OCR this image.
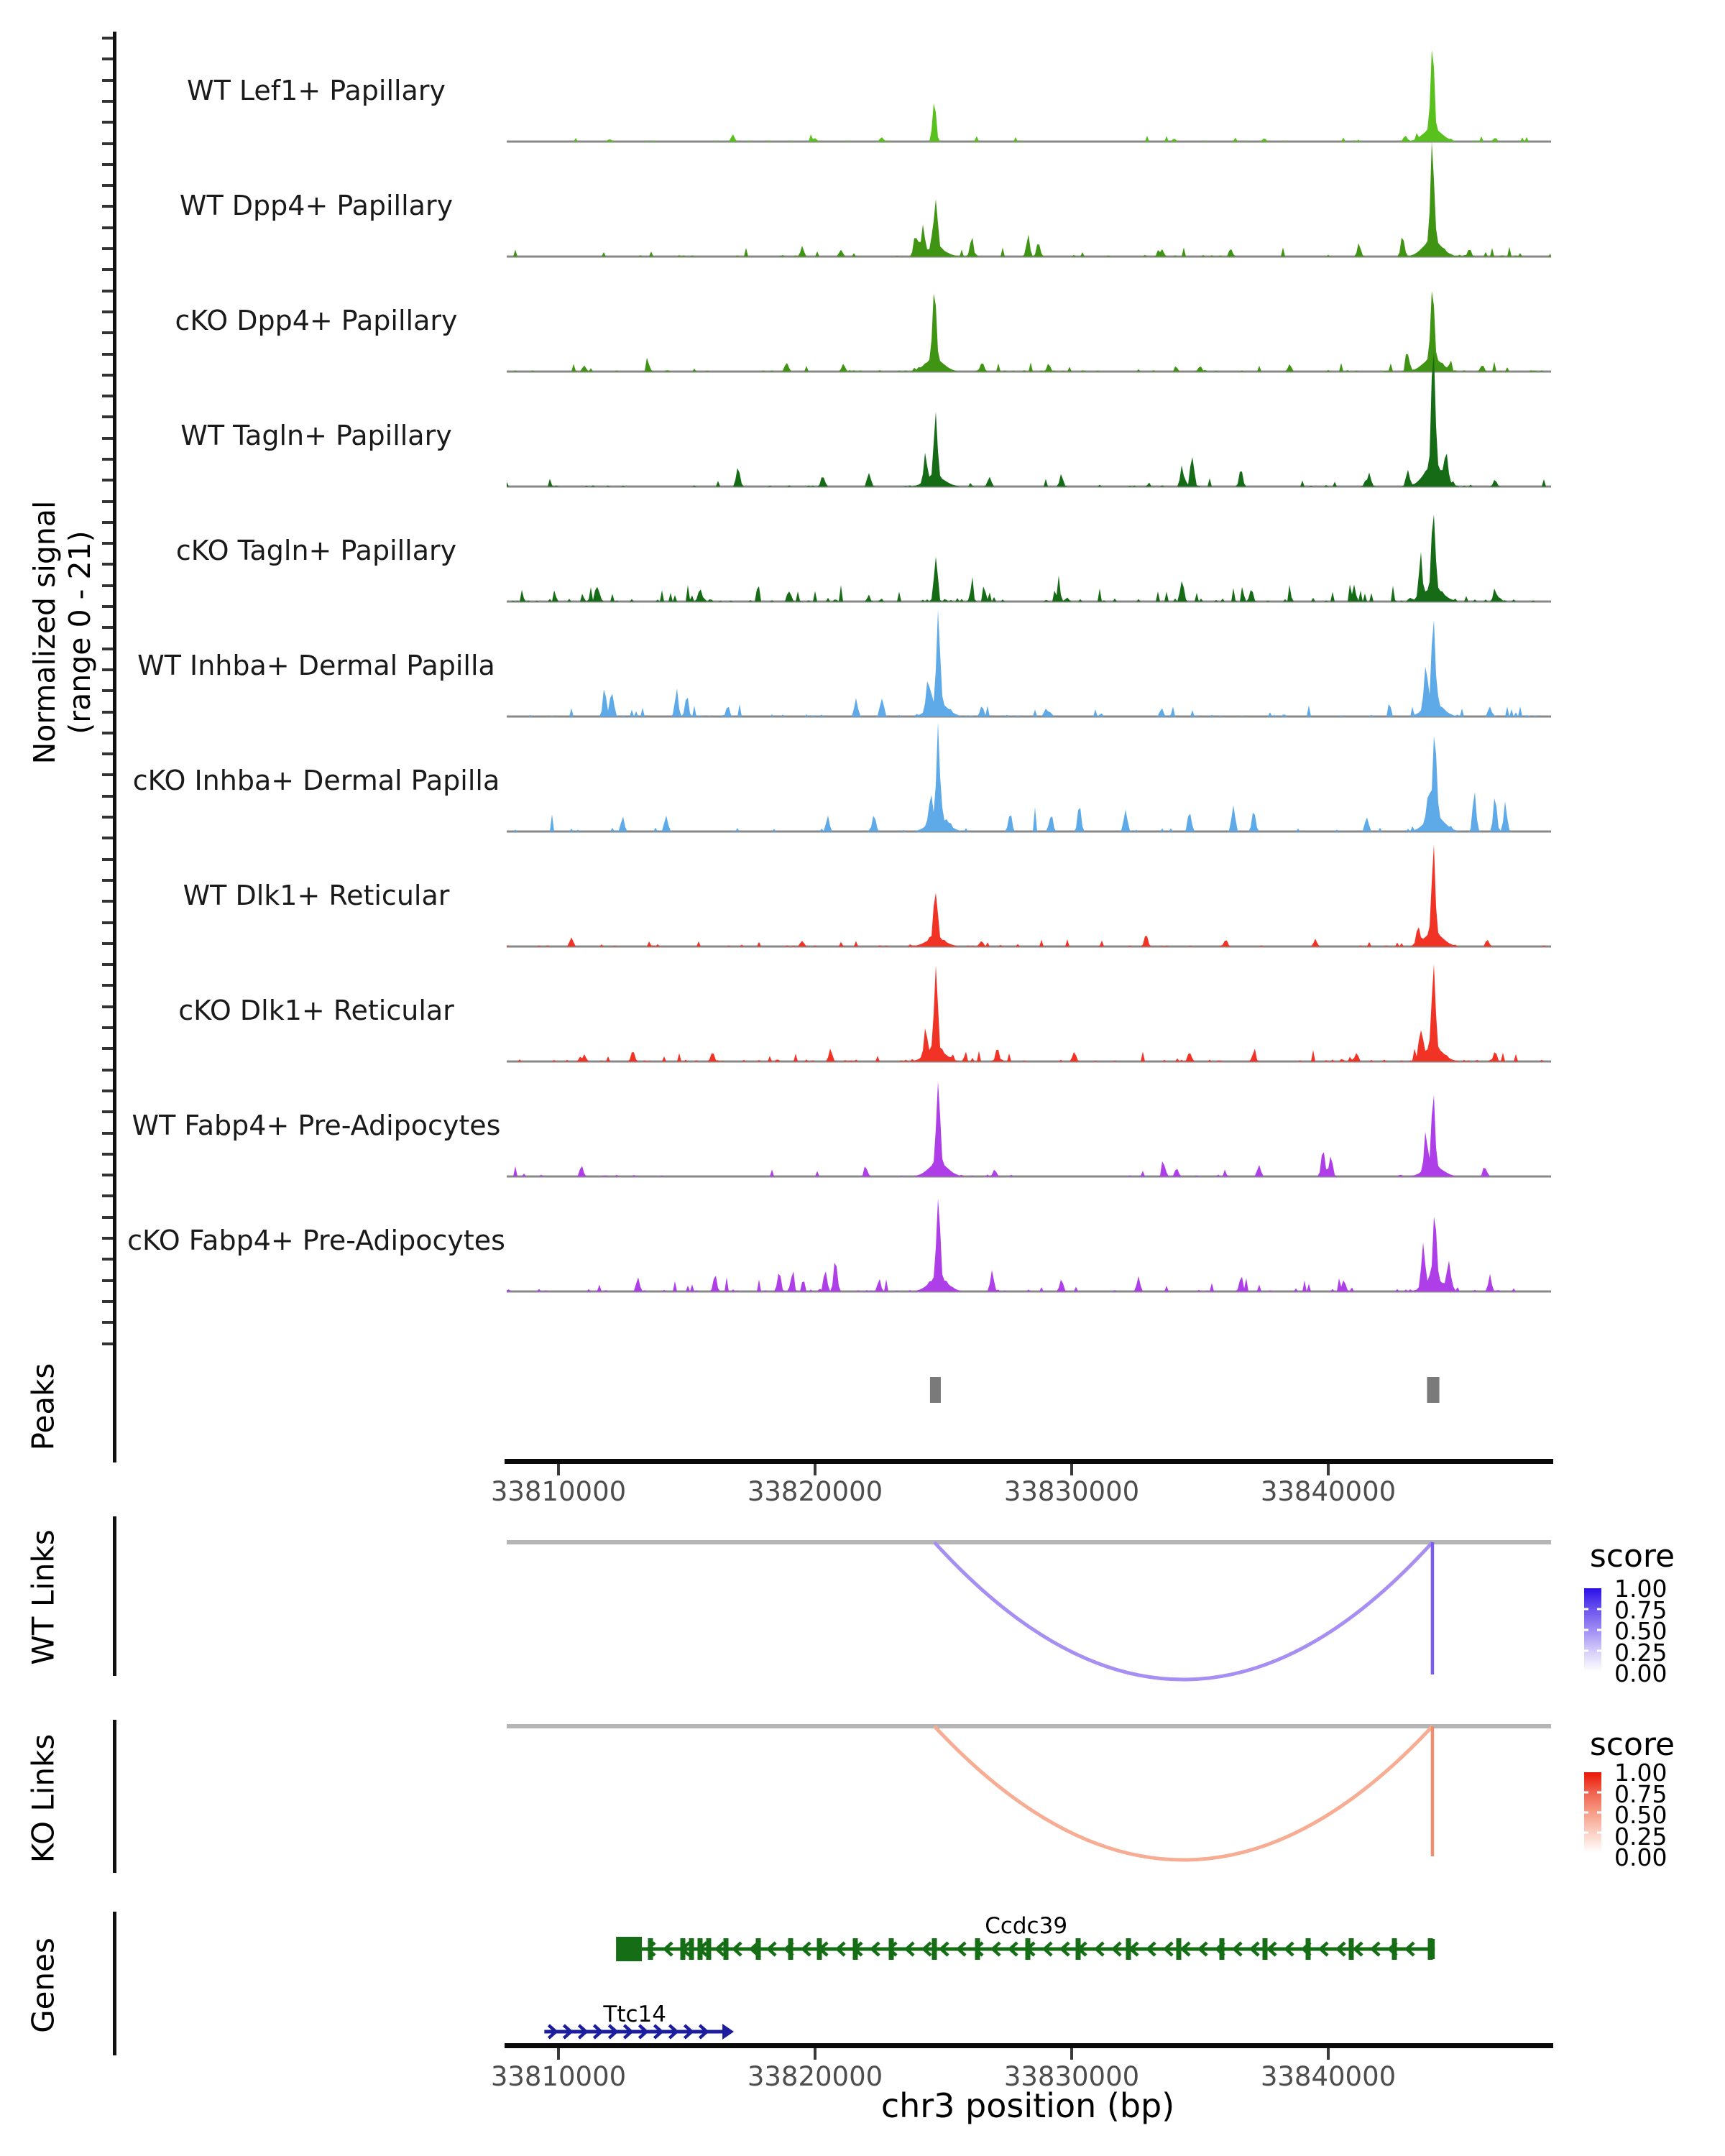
Normalized signal (range 0 - 21)
Peaks
WT Links
KO Links
Genes
score
score
chr3 position (bp)
WT Lef1+ Papillary
WT Dpp4+ Papillary
cKO Dpp4+ Papillary
WT Tagln+ Papillary
cKO Tagln+ Papillary
WT Inhba+ Dermal Papilla
cKO Inhba+ Dermal Papilla
WT Dlk1+ Reticular
cKO Dlk1+ Reticular
WT Fabp4+ Pre-Adipocytes
cKO Fabp4+ Pre-Adipocytes
33810000	33820000	33830000	33840000
33810000	33820000	33830000	33840000
1.00
0.75
0.50
0.25
0.00
1.00
0.75
0.50
0.25
0.00
Ccdc39
Ttc14
